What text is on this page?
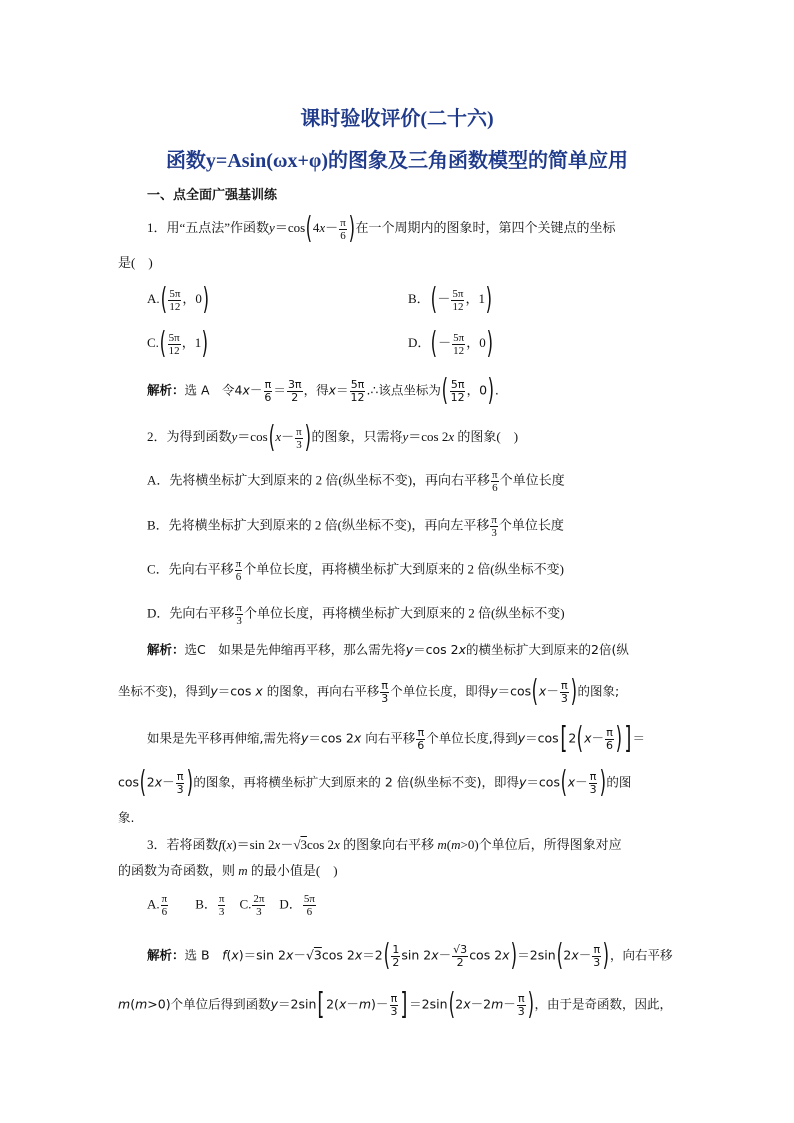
课时验收评价(二十六)
函数y=Asin(ωx+φ)的图象及三角函数模型的简单应用
一、点全面广强基训练
1．用“五点法”作函数$y=\cos(4x- \frac{\pi}{6}$ )在一个周期内的图象时，第四个关键点的坐标
是(　)
$A.( \frac{5\pi}{12}$ ，0)	B．(－ $\frac{5\pi}{12}$ ，1)
$C.( \frac{5\pi}{12}$ ，1)	D．(－ $\frac{5\pi}{12}$ ，0)
解析：选 A　令$4x- \frac{\pi}{6} = \frac{3\pi}{2}$ ，得$x= \frac{5\pi}{12}$ .∴该点坐标为( $\frac{5\pi}{12}$ ，0).
2．为得到函数$y=\cos(x- \frac{\pi}{3}$ )的图象，只需将y＝cos 2x 的图象(　)
A．先将横坐标扩大到原来的 2 倍(纵坐标不变)，再向右平移 $\frac{\pi}{6}$ 个单位长度
B．先将横坐标扩大到原来的 2 倍(纵坐标不变)，再向左平移 $\frac{\pi}{3}$ 个单位长度
C．先向右平移 $\frac{\pi}{6}$ 个单位长度，再将横坐标扩大到原来的 2 倍(纵坐标不变)
D．先向右平移 $\frac{\pi}{3}$ 个单位长度，再将横坐标扩大到原来的 2 倍(纵坐标不变)
解析：选C　如果是先伸缩再平移，那么需先将y＝cos 2x的横坐标扩大到原来的2倍(纵
坐标不变)，得到y＝cos x 的图象，再向右平移 $\frac{\pi}{3}$ 个单位长度，即得$y=\cos(x- \frac{\pi}{3}$ )的图象;
如果是先平移再伸缩,需先将y＝cos 2x 向右平移 $\frac{\pi}{6}$ 个单位长度,得到$y=\cos[2(x- \frac{\pi}{6}$ )]＝
$\cos(2x- \frac{\pi}{3}$ )的图象，再将横坐标扩大到原来的 2 倍(纵坐标不变)，即得$y=\cos(x- \frac{\pi}{3}$ )的图
象.
3．若将函数f(x)＝sin 2x－√3cos 2x 的图象向右平移 m(m>0)个单位后，所得图象对应
的函数为奇函数，则 m 的最小值是(　)
A. $\frac{\pi}{6}$ 　　B． $\frac{\pi}{3}$ 　C. $\frac{2\pi}{3}$ 　D． $\frac{5\pi}{6}$
解析：选 B　 f(x)＝sin 2x－√3cos $2x=2( \frac{1}{2}$ $\sin 2x- \frac{√3}{2}$ $\cos 2x)=2\sin(2x- \frac{\pi}{3}$ )，向右平移
m(m>0)个单位后得到函数$y=2\sin[2(x-m)- \frac{\pi}{3} ]=2\sin(2x-2m- \frac{\pi}{3}$ )，由于是奇函数，因此，
